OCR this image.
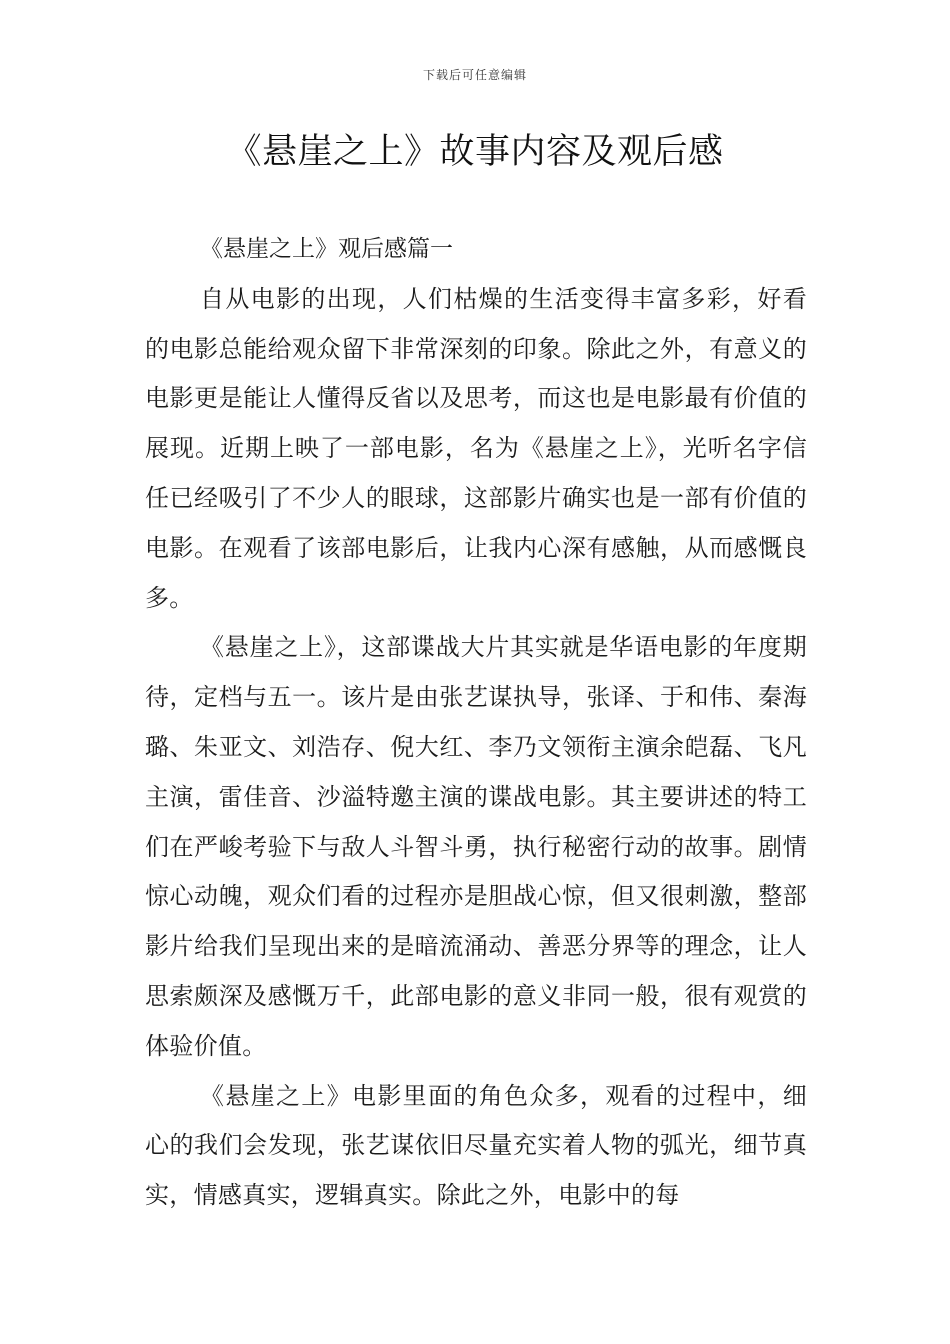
下载后可任意编辑
《悬崖之上》故事内容及观后感

《悬崖之上》观后感篇一

自从电影的出现，人们枯燥的生活变得丰富多彩，好看的电影总能给观众留下非常深刻的印象。除此之外，有意义的电影更是能让人懂得反省以及思考，而这也是电影最有价值的展现。近期上映了一部电影，名为《悬崖之上》，光听名字信任已经吸引了不少人的眼球，这部影片确实也是一部有价值的电影。在观看了该部电影后，让我内心深有感触，从而感慨良多。

《悬崖之上》，这部谍战大片其实就是华语电影的年度期待，定档与五一。该片是由张艺谋执导，张译、于和伟、秦海璐、朱亚文、刘浩存、倪大红、李乃文领衔主演余皑磊、飞凡主演，雷佳音、沙溢特邀主演的谍战电影。其主要讲述的特工们在严峻考验下与敌人斗智斗勇，执行秘密行动的故事。剧情惊心动魄，观众们看的过程亦是胆战心惊，但又很刺激，整部影片给我们呈现出来的是暗流涌动、善恶分界等的理念，让人思索颇深及感慨万千，此部电影的意义非同一般，很有观赏的体验价值。

《悬崖之上》电影里面的角色众多，观看的过程中，细心的我们会发现，张艺谋依旧尽量充实着人物的弧光，细节真实，情感真实，逻辑真实。除此之外，电影中的每
